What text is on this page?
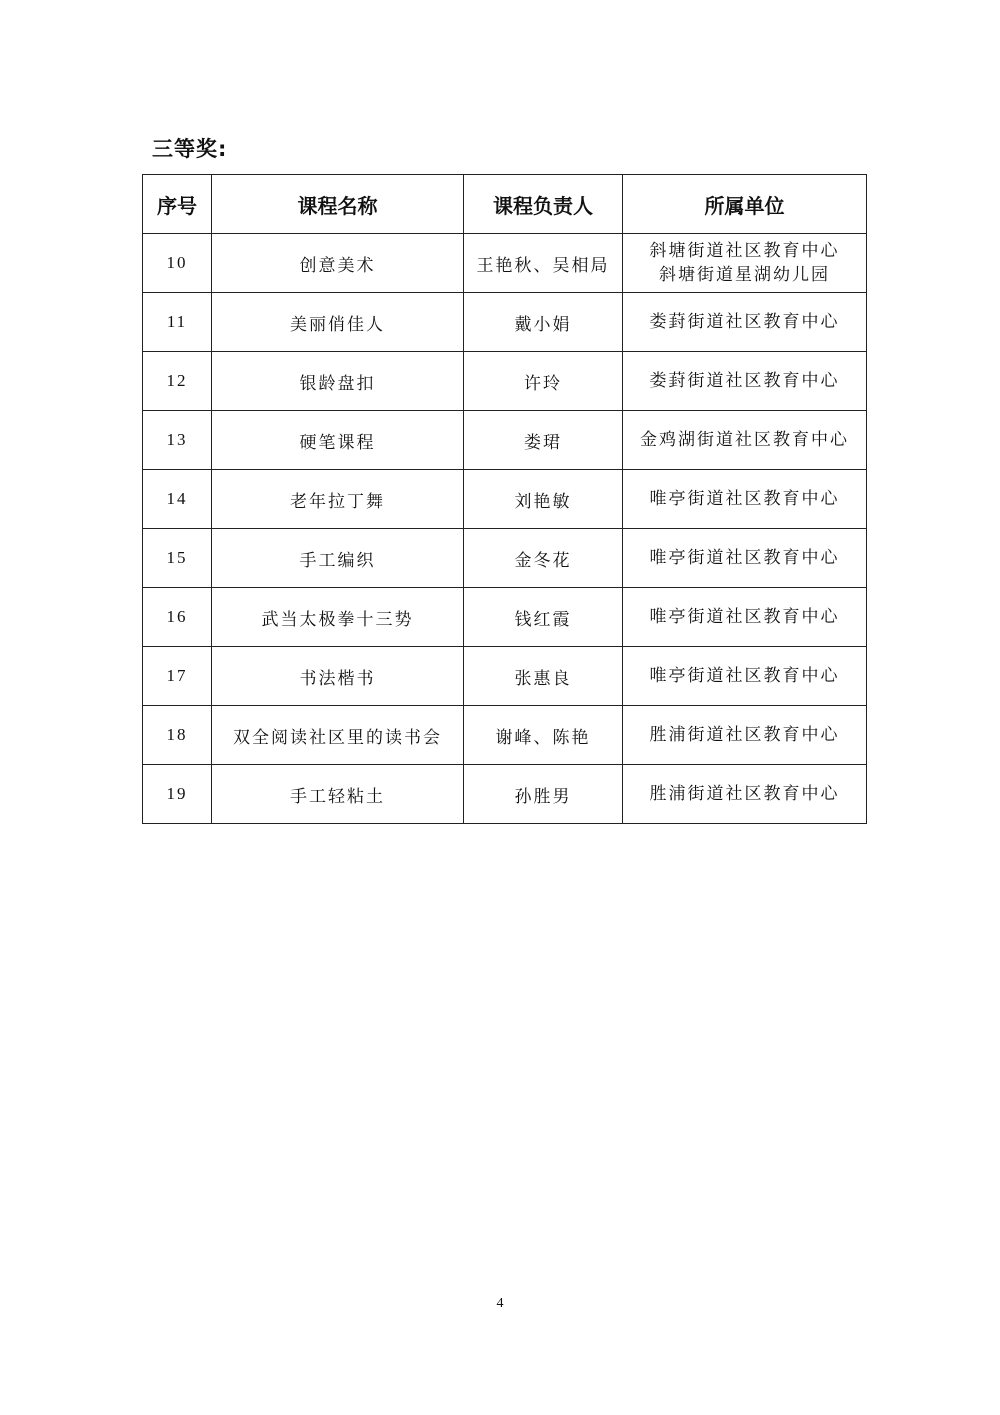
三等奖:
序号	课程名称	课程负责人	所属单位
10	创意美术	王艳秋、吴相局	斜塘街道社区教育中心
斜塘街道星湖幼儿园

11	美丽俏佳人	戴小娟	娄葑街道社区教育中心

12	银龄盘扣	许玲	娄葑街道社区教育中心

13	硬笔课程	娄珺	金鸡湖街道社区教育中心

14	老年拉丁舞	刘艳敏	唯亭街道社区教育中心

15	手工编织	金冬花	唯亭街道社区教育中心

16	武当太极拳十三势	钱红霞	唯亭街道社区教育中心

17	书法楷书	张惠良	唯亭街道社区教育中心

18	双全阅读社区里的读书会	谢峰、陈艳	胜浦街道社区教育中心

19	手工轻粘土	孙胜男	胜浦街道社区教育中心
4
